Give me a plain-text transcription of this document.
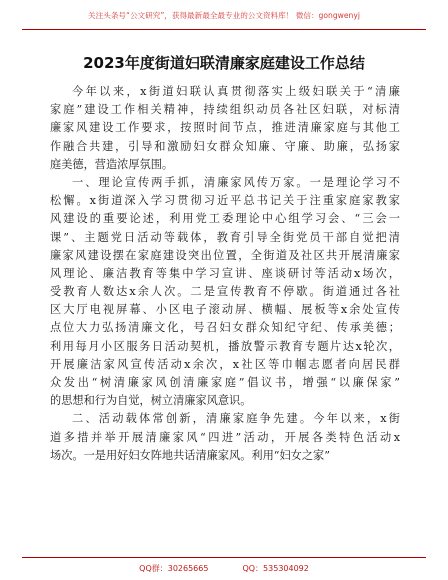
关注头条号“公文研究”，获得最新最全最专业的公文资料库！ 微信：gongwenyj
2023年度街道妇联清廉家庭建设工作总结
今年以来，x街道妇联认真贯彻落实上级妇联关于“清廉
家庭”建设工作相关精神，持续组织动员各社区妇联，对标清
廉家风建设工作要求，按照时间节点，推进清廉家庭与其他工
作融合共建，引导和激励妇女群众知廉、守廉、助廉，弘扬家
庭美德，营造浓厚氛围。
一、理论宣传两手抓，清廉家风传万家。一是理论学习不
松懈。x街道深入学习贯彻习近平总书记关于注重家庭家教家
风建设的重要论述，利用党工委理论中心组学习会、“三会一
课”、主题党日活动等载体，教育引导全街党员干部自觉把清
廉家风建设摆在家庭建设突出位置，全街道及社区共开展清廉家
风理论、廉洁教育等集中学习宣讲、座谈研讨等活动x场次，
受教育人数达x余人次。二是宣传教育不停歇。街道通过各社
区大厅电视屏幕、小区电子滚动屏、横幅、展板等x余处宣传
点位大力弘扬清廉文化，号召妇女群众知纪守纪、传承美德；
利用每月小区服务日活动契机，播放警示教育专题片达x轮次，
开展廉洁家风宣传活动x余次，x社区等巾帼志愿者向居民群
众发出“树清廉家风创清廉家庭”倡议书，增强“以廉保家”
的思想和行为自觉，树立清廉家风意识。
二、活动载体常创新，清廉家庭争先建。今年以来，x街
道多措并举开展清廉家风“四进”活动，开展各类特色活动x
场次。一是用好妇女阵地共话清廉家风。利用“妇女之家”
QQ群：30265665	QQ：535304092
